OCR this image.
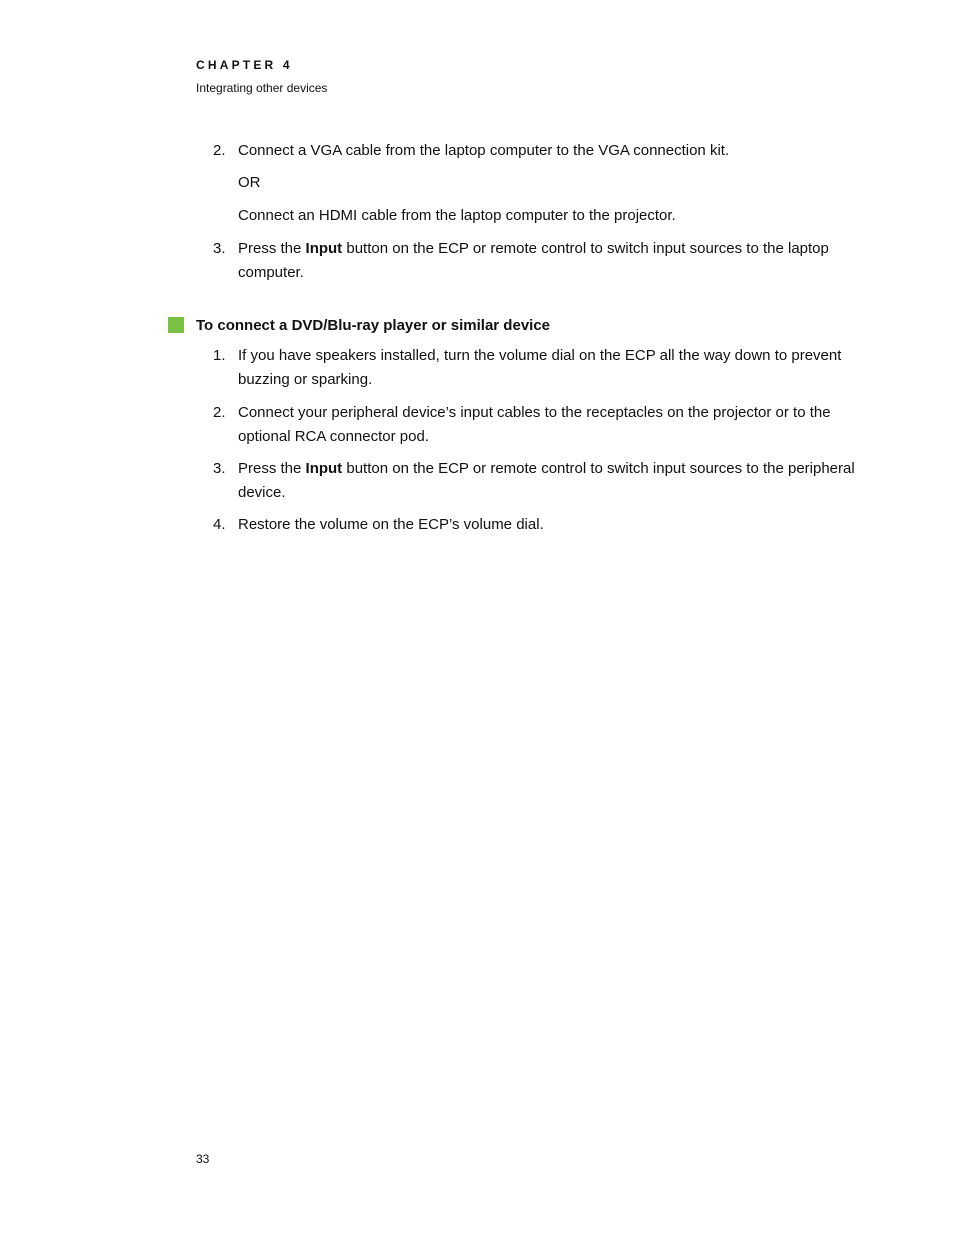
CHAPTER 4

Integrating other devices

2. Connect a VGA cable from the laptop computer to the VGA connection kit.

OR

Connect an HDMI cable from the laptop computer to the projector.

3. Press the Input button on the ECP or remote control to switch input sources to the laptop computer.
To connect a DVD/Blu-ray player or similar device
1. If you have speakers installed, turn the volume dial on the ECP all the way down to prevent buzzing or sparking.
2. Connect your peripheral device’s input cables to the receptacles on the projector or to the optional RCA connector pod.
3. Press the Input button on the ECP or remote control to switch input sources to the peripheral device.
4. Restore the volume on the ECP’s volume dial.

33
